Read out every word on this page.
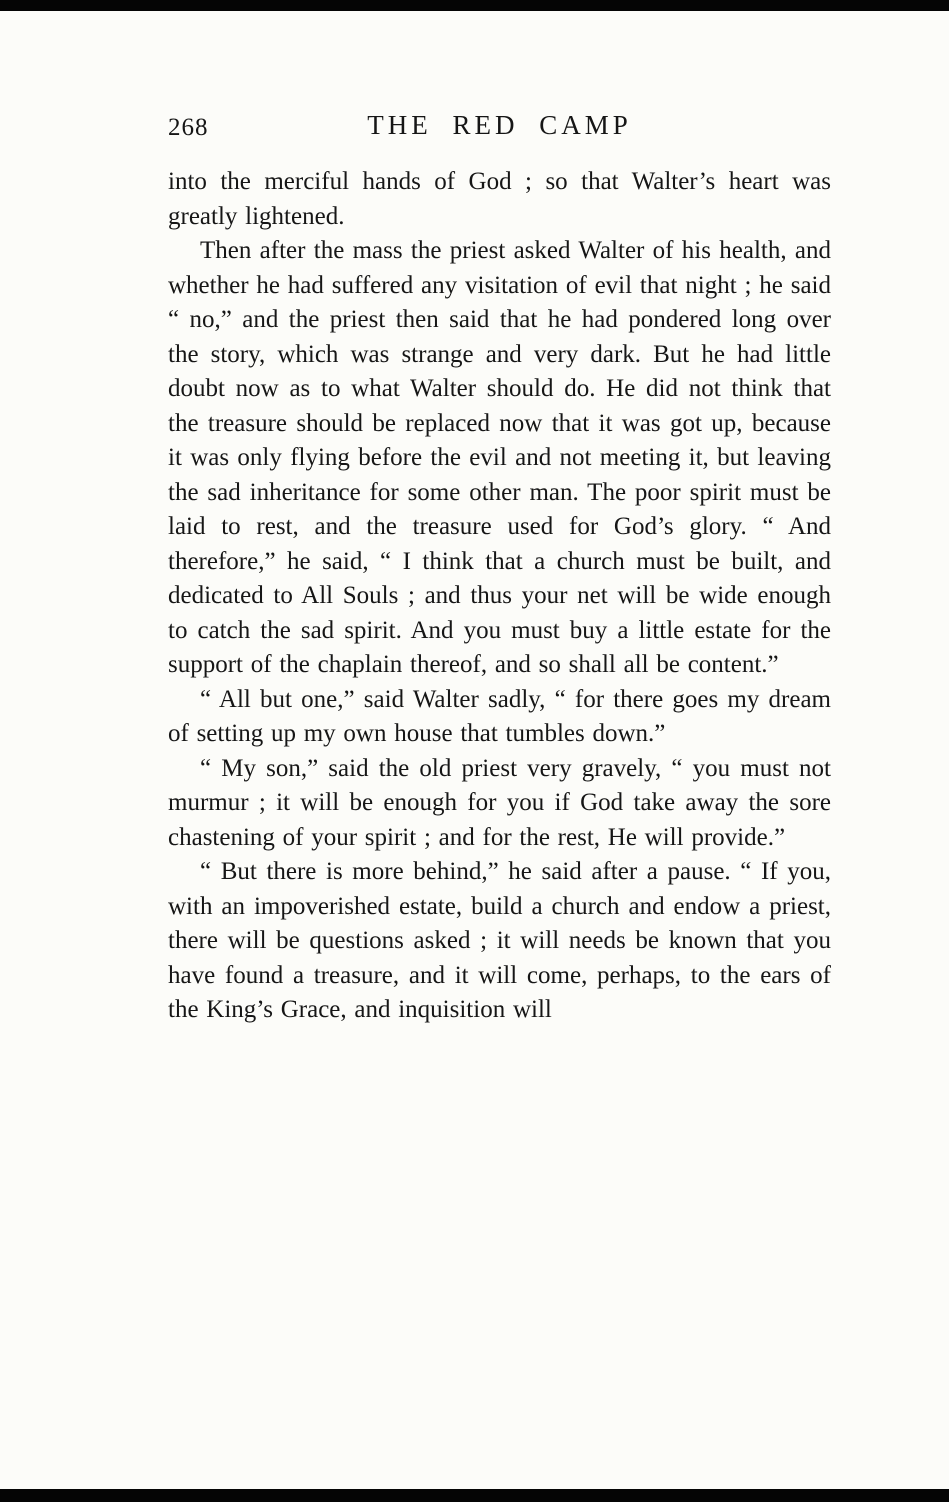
268	THE RED CAMP

into the merciful hands of God ; so that Walter’s heart was greatly lightened.

Then after the mass the priest asked Walter of his health, and whether he had suffered any visitation of evil that night ; he said “ no,” and the priest then said that he had pondered long over the story, which was strange and very dark. But he had little doubt now as to what Walter should do. He did not think that the treasure should be replaced now that it was got up, because it was only flying before the evil and not meeting it, but leaving the sad inheritance for some other man. The poor spirit must be laid to rest, and the treasure used for God’s glory. “ And therefore,” he said, “ I think that a church must be built, and dedicated to All Souls ; and thus your net will be wide enough to catch the sad spirit. And you must buy a little estate for the support of the chaplain thereof, and so shall all be content.”

“ All but one,” said Walter sadly, “ for there goes my dream of setting up my own house that tumbles down.”

“ My son,” said the old priest very gravely, “ you must not murmur ; it will be enough for you if God take away the sore chastening of your spirit ; and for the rest, He will provide.”

“ But there is more behind,” he said after a pause. “ If you, with an impoverished estate, build a church and endow a priest, there will be questions asked ; it will needs be known that you have found a treasure, and it will come, perhaps, to the ears of the King’s Grace, and inquisition will
